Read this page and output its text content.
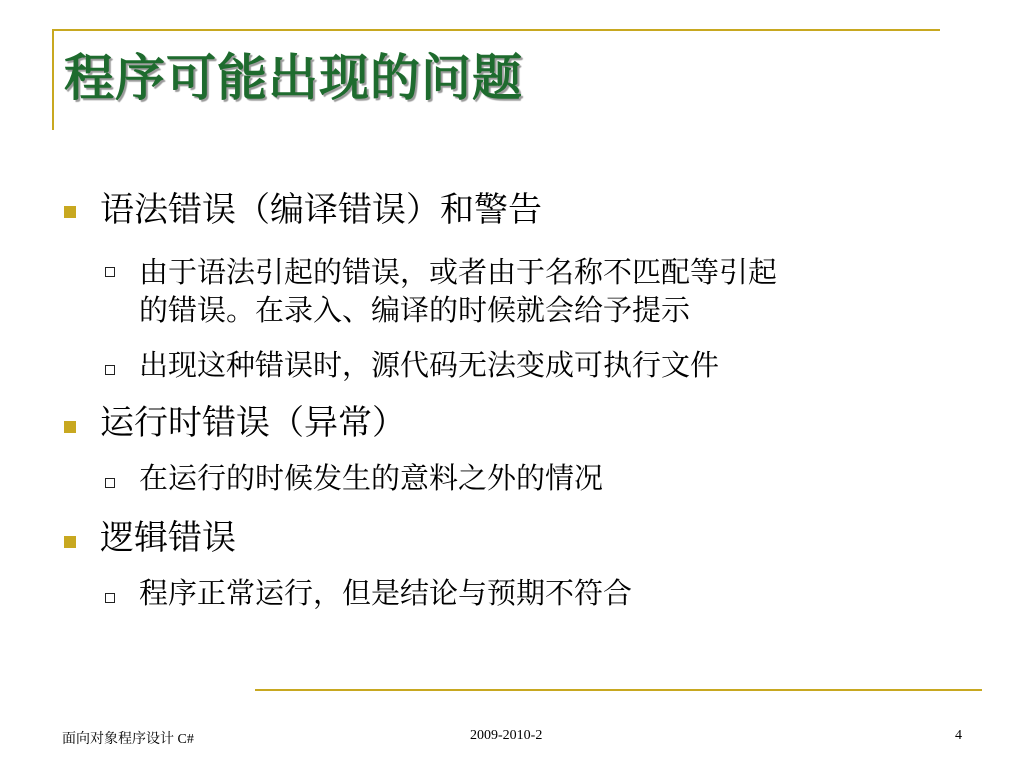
程序可能出现的问题
语法错误（编译错误）和警告
由于语法引起的错误，或者由于名称不匹配等引起
的错误。在录入、编译的时候就会给予提示
出现这种错误时，源代码无法变成可执行文件
运行时错误（异常）
在运行的时候发生的意料之外的情况
逻辑错误
程序正常运行，但是结论与预期不符合
面向对象程序设计 C#	2009-2010-2	4
